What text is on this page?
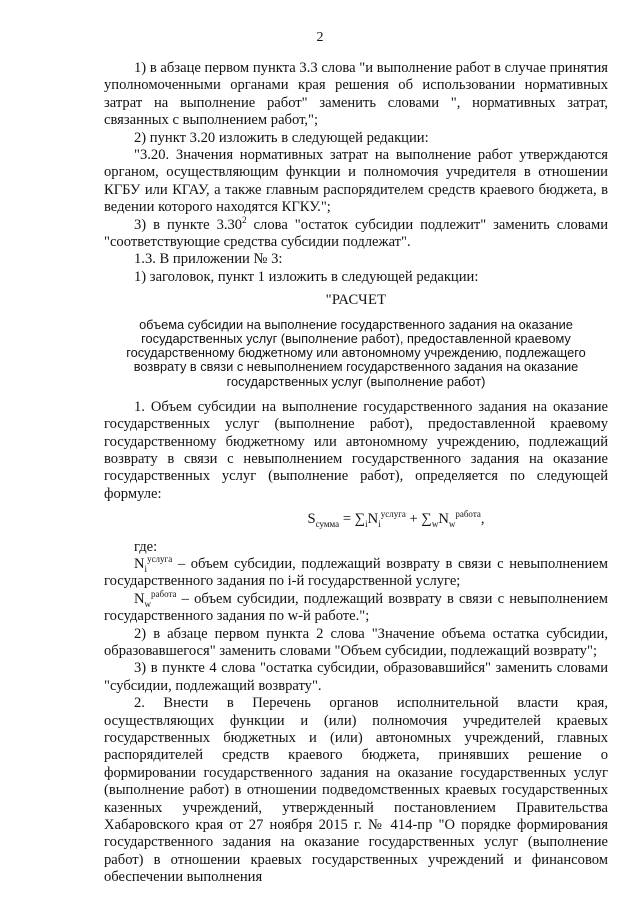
2

1) в абзаце первом пункта 3.3 слова "и выполнение работ в случае принятия уполномоченными органами края решения об использовании нормативных затрат на выполнение работ" заменить словами ", нормативных затрат, связанных с выполнением работ,";

2) пункт 3.20 изложить в следующей редакции:

"3.20. Значения нормативных затрат на выполнение работ утверждаются органом, осуществляющим функции и полномочия учредителя в отношении КГБУ или КГАУ, а также главным распорядителем средств краевого бюджета, в ведении которого находятся КГКУ.";

3) в пункте 3.30$^2$ слова "остаток субсидии подлежит" заменить словами "соответствующие средства субсидии подлежат".

1.3. В приложении № 3:

1) заголовок, пункт 1 изложить в следующей редакции:

"РАСЧЕТ
объема субсидии на выполнение государственного задания на оказание государственных услуг (выполнение работ), предоставленной краевому государственному бюджетному или автономному учреждению, подлежащего возврату в связи с невыполнением государственного задания на оказание государственных услуг (выполнение работ)

1. Объем субсидии на выполнение государственного задания на оказание государственных услуг (выполнение работ), предоставленной краевому государственному бюджетному или автономному учреждению, подлежащий возврату в связи с невыполнением государственного задания на оказание государственных услуг (выполнение работ), определяется по следующей формуле:

$S_{сумма} = \sum_iN_i^{услуга} + \sum_wN_w^{работа}$,

где:

$N_i^{услуга}$ – объем субсидии, подлежащий возврату в связи с невыполнением государственного задания по i-й государственной услуге;

$N_w^{работа}$ – объем субсидии, подлежащий возврату в связи с невыполнением государственного задания по w-й работе.";

2) в абзаце первом пункта 2 слова "Значение объема остатка субсидии, образовавшегося" заменить словами "Объем субсидии, подлежащий возврату";

3) в пункте 4 слова "остатка субсидии, образовавшийся" заменить словами "субсидии, подлежащий возврату".

2. Внести в Перечень органов исполнительной власти края, осуществляющих функции и (или) полномочия учредителей краевых государственных бюджетных и (или) автономных учреждений, главных распорядителей средств краевого бюджета, принявших решение о формировании государственного задания на оказание государственных услуг (выполнение работ) в отношении подведомственных краевых государственных казенных учреждений, утвержденный постановлением Правительства Хабаровского края от 27 ноября 2015 г. № 414-пр "О порядке формирования государственного задания на оказание государственных услуг (выполнение работ) в отношении краевых государственных учреждений и финансовом обеспечении выполнения
